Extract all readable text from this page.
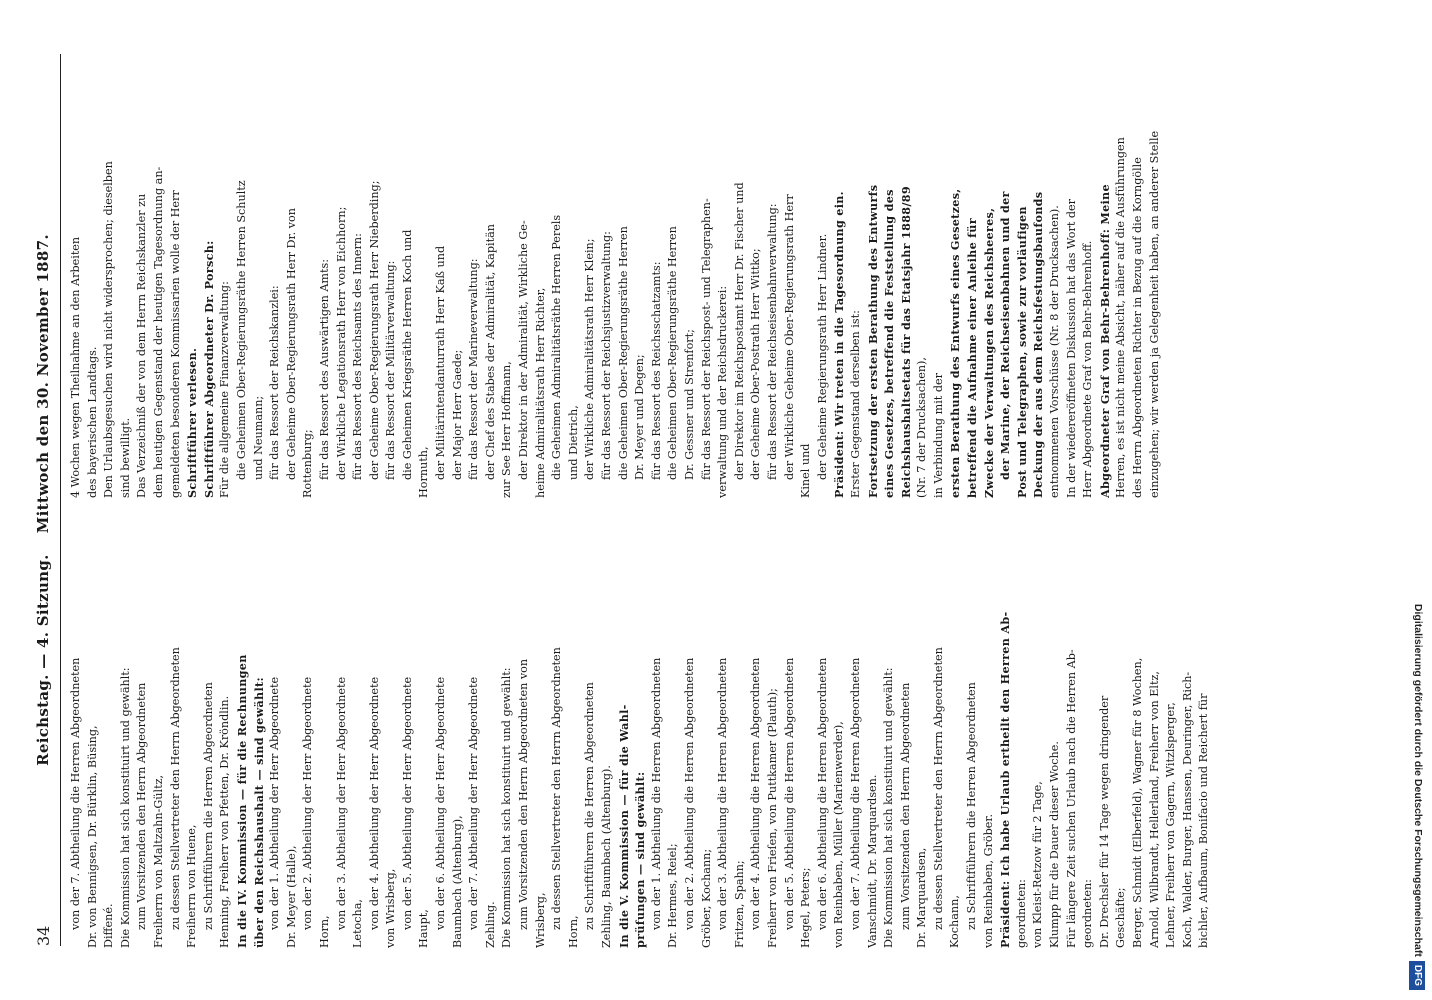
34
Reichstag. — 4. Sitzung.  Mittwoch den 30. November 1887.

von der 7. Abtheilung die Herren Abgeordneten Dr. von Bennigsen, Dr. Bürklin, Büsing, Diffené. Die Kommission hat sich konstituirt und gewählt: zum Vorsitzenden den Herrn Abgeordneten Freiherrn von Maltzahn-Gültz, zu dessen Stellvertreter den Herrn Abgeordneten Freiherrn von Huene, zu Schriftführern die Herren Abgeordneten Henning, Freiherr von Pfetten, Dr. Kröndlin. In die IV. Kommission — für die Rechnungen über den Reichshaushalt — sind gewählt: von der 1. Abtheilung der Herr Abgeordnete Dr. Meyer (Halle), von der 2. Abtheilung der Herr Abgeordnete

Horn,

von der 3. Abtheilung der Herr Abgeordnete Letocha, von der 4. Abtheilung der Herr Abgeordnete von Wrisberg, von der 5. Abtheilung der Herr Abgeordnete Haupt, von der 6. Abtheilung der Herr Abgeordnete Baumbach (Altenburg), von der 7. Abtheilung der Herr Abgeordnete Zehling. Die Kommission hat sich konstituirt und gewählt: zum Vorsitzenden den Herrn Abgeordneten von Wrisberg, zu dessen Stellvertreter den Herrn Abgeordneten

Horn,

zu Schriftführern die Herren Abgeordneten Zehling, Baumbach (Altenburg). In die V. Kommission — für die Wahl- prüfungen — sind gewählt: von der 1. Abtheilung die Herren Abgeordneten Dr. Hermes, Reiel; von der 2. Abtheilung die Herren Abgeordneten Gröber, Kochann; von der 3. Abtheilung die Herren Abgeordneten Fritzen, Spahn; von der 4. Abtheilung die Herren Abgeordneten Freiherr von Frieſen, von Puttkamer (Plauth); von der 5. Abtheilung die Herren Abgeordneten Hegel, Peters; von der 6. Abtheilung die Herren Abgeordneten von Reinbaben, Müller (Marienwerder), von der 7. Abtheilung die Herren Abgeordneten Vanschmidt, Dr. Marquardsen. Die Kommission hat sich konstituirt und gewählt: zum Vorsitzenden den Herrn Abgeordneten Dr. Marquardsen, zu dessen Stellvertreter den Herrn Abgeordneten Kochann, zu Schriftführern die Herren Abgeordneten von Reinbaben, Gröber. Präsident: Ich habe Urlaub ertheilt den Herren Ab- geordneten: von Kleist-Retzow für 2 Tage, Klumpp für die Dauer dieser Woche. Für längere Zeit suchen Urlaub nach die Herren Ab- geordneten: Dr. Drechsler für 14 Tage wegen dringender Geschäfte; Berger, Schmidt (Elberfeld), Wagner für 8 Wochen, Arnold, Wilbrandt, Hellerland, Freiherr von Eltz, Lehner, Freiherr von Gagern, Witzlsperger, Koch, Walder, Burger, Hanssen, Deuringer, Rich- bichler, Aufbaum, Bonifacio und Reichert für

4 Wochen wegen Theilnahme an den Arbeiten des bayerischen Landtags. Den Urlaubsgesuchen wird nicht widersprochen; dieselben sind bewilligt. Das Verzeichniß der von dem Herrn Reichskanzler zu dem heutigen Gegenstand der heutigen Tagesordnung an- gemeldeten besonderen Kommissarien wolle der Herr Schriftführer verlesen. Schriftführer Abgeordneter Dr. Porsch: Für die allgemeine Finanzverwaltung: die Geheimen Ober-Regierungsräthe Herren Schultz und Neumann; für das Ressort der Reichskanzlei: der Geheime Ober-Regierungsrath Herr Dr. von Rottenburg; für das Ressort des Auswärtigen Amts: der Wirkliche Legationsrath Herr von Eichhorn; für das Ressort des Reichsamts des Innern: der Geheime Ober-Regierungsrath Herr Nieberding; für das Ressort der Militärverwaltung: die Geheimen Kriegsräthe Herren Koch und Hornuth, der Militärintendanturrath Herr Kaß und der Major Herr Gaede; für das Ressort der Marineverwaltung: der Chef des Stabes der Admiralität, Kapitän zur See Herr Hoffmann, der Direktor in der Admiralität, Wirkliche Ge- heime Admiralitätsrath Herr Richter, die Geheimen Admiralitätsräthe Herren Perels und Dietrich, der Wirkliche Admiralitätsrath Herr Klein; für das Ressort der Reichsjustizverwaltung: die Geheimen Ober-Regierungsräthe Herren Dr. Meyer und Degen; für das Ressort des Reichsschatzamts: die Geheimen Ober-Regierungsräthe Herren Dr. Gessner und Strenfort; für das Ressort der Reichspost- und Telegraphen- verwaltung und der Reichsdruckerei: der Direktor im Reichspostamt Herr Dr. Fischer und der Geheime Ober-Postrath Herr Wittko; für das Ressort der Reichseisenbahnverwaltung: der Wirkliche Geheime Ober-Regierungsrath Herr Kinel und der Geheime Regierungsrath Herr Lindner. Präsident: Wir treten in die Tagesordnung ein. Erster Gegenstand derselben ist: Fortsetzung der ersten Berathung des Entwurfs eines Gesetzes, betreffend die Feststellung des Reichshaushaltsetats für das Etatsjahr 1888/89 (Nr. 7 der Drucksachen), in Verbindung mit der ersten Berathung des Entwurfs eines Gesetzes, betreffend die Aufnahme einer Anleihe für Zwecke der Verwaltungen des Reichsheeres, der Marine, der Reichseisenbahnen und der Post und Telegraphen, sowie zur vorläufigen Deckung der aus dem Reichsfestungsbaufonds entnommenen Vorschüsse (Nr. 8 der Drucksachen). In der wiedereröffneten Diskussion hat das Wort der Herr Abgeordnete Graf von Behr-Behrenhoff. Abgeordneter Graf von Behr-Behrenhoff: Meine Herren, es ist nicht meine Absicht, näher auf die Ausführungen des Herrn Abgeordneten Richter in Bezug auf die Korngölle einzugehen; wir werden ja Gelegenheit haben, an anderer Stelle

Digitalisierung gefördert durch die Deutsche ForschungsgemeinschaftDFG
